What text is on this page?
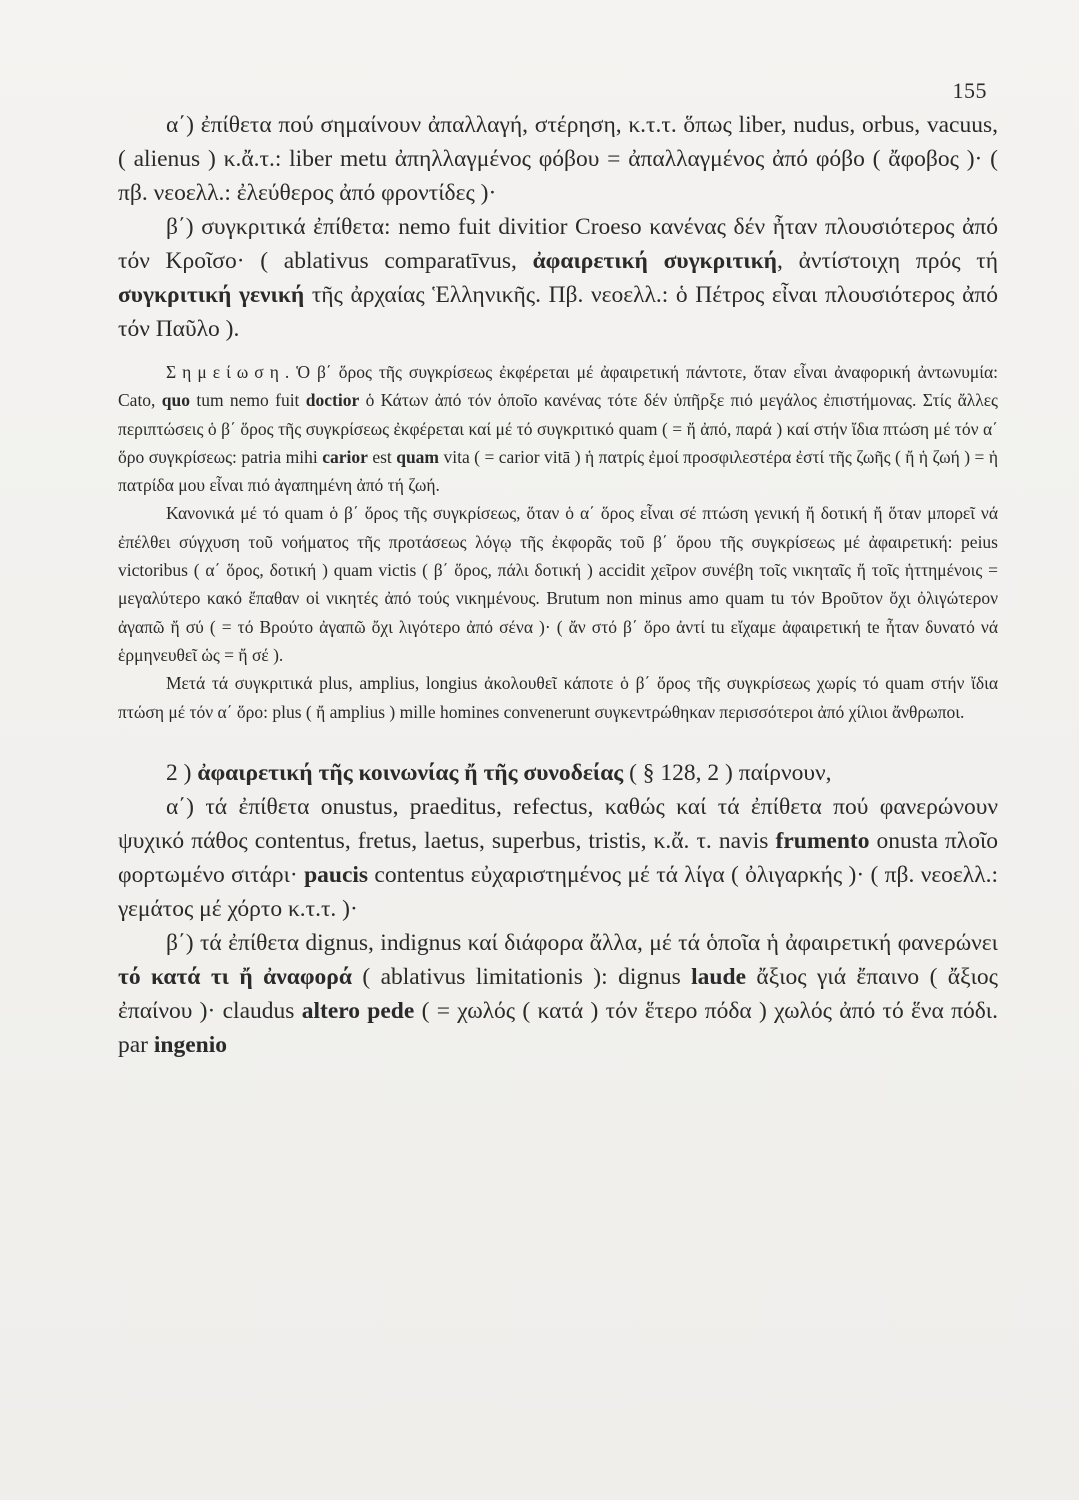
155

α΄) ἐπίθετα πού σημαίνουν ἀπαλλαγή, στέρηση, κ.τ.τ. ὅπως liber, nudus, orbus, vacuus, ( alienus ) κ.ἄ.τ.: liber metu ἀπηλλαγμένος φόβου = ἀπαλλαγμένος ἀπό φόβο ( ἄφοβος )· ( πβ. νεοελλ.: ἐλεύθερος ἀπό φροντίδες )·

β΄) συγκριτικά ἐπίθετα: nemo fuit divitior Croeso κανένας δέν ἦταν πλουσιότερος ἀπό τόν Κροῖσο· ( ablativus comparatīvus, ἀφαιρετική συγκριτική, ἀντίστοιχη πρός τή συγκριτική γενική τῆς ἀρχαίας Ἑλληνικῆς. Πβ. νεοελλ.: ὁ Πέτρος εἶναι πλουσιότερος ἀπό τόν Παῦλο ).

Σημείωση. Ὁ β΄ ὅρος τῆς συγκρίσεως ἐκφέρεται μέ ἀφαιρετική πάντοτε, ὅταν εἶναι ἀναφορική ἀντωνυμία: Cato, quo tum nemo fuit doctior ὁ Κάτων ἀπό τόν ὁποῖο κανένας τότε δέν ὑπῆρξε πιό μεγάλος ἐπιστήμονας. Στίς ἄλλες περιπτώσεις ὁ β΄ ὅρος τῆς συγκρίσεως ἐκφέρεται καί μέ τό συγκριτικό quam ( = ἤ ἀπό, παρά ) καί στήν ἴδια πτώση μέ τόν α΄ ὅρο συγκρίσεως: patria mihi carior est quam vita ( = carior vitā ) ἡ πατρίς ἐμοί προσφιλεστέρα ἐστί τῆς ζωῆς ( ἤ ἡ ζωή ) = ἡ πατρίδα μου εἶναι πιό ἀγαπημένη ἀπό τή ζωή.

Κανονικά μέ τό quam ὁ β΄ ὅρος τῆς συγκρίσεως, ὅταν ὁ α΄ ὅρος εἶναι σέ πτώση γενική ἤ δοτική ἤ ὅταν μπορεῖ νά ἐπέλθει σύγχυση τοῦ νοήματος τῆς προτάσεως λόγῳ τῆς ἐκφορᾶς τοῦ β΄ ὅρου τῆς συγκρίσεως μέ ἀφαιρετική: peius victoribus ( α΄ ὅρος, δοτική ) quam victis ( β΄ ὅρος, πάλι δοτική ) accidit χεῖρον συνέβη τοῖς νικηταῖς ἤ τοῖς ἡττημένοις = μεγαλύτερο κακό ἔπαθαν οἱ νικητές ἀπό τούς νικημένους. Brutum non minus amo quam tu τόν Βροῦτον ὄχι ὀλιγώτερον ἀγαπῶ ἤ σύ ( = τό Βρούτο ἀγαπῶ ὄχι λιγότερο ἀπό σένα )· ( ἄν στό β΄ ὅρο ἀντί tu εἴχαμε ἀφαιρετική te ἦταν δυνατό νά ἑρμηνευθεῖ ὡς = ἤ σέ ).

Μετά τά συγκριτικά plus, amplius, longius ἀκολουθεῖ κάποτε ὁ β΄ ὅρος τῆς συγκρίσεως χωρίς τό quam στήν ἴδια πτώση μέ τόν α΄ ὅρο: plus ( ἤ amplius ) mille homines convenerunt συγκεντρώθηκαν περισσότεροι ἀπό χίλιοι ἄνθρωποι.

2 ) ἀφαιρετική τῆς κοινωνίας ἤ τῆς συνοδείας ( § 128, 2 ) παίρνουν,

α΄) τά ἐπίθετα onustus, praeditus, refectus, καθώς καί τά ἐπίθετα πού φανερώνουν ψυχικό πάθος contentus, fretus, laetus, superbus, tristis, κ.ἄ. τ. navis frumento onusta πλοῖο φορτωμένο σιτάρι· paucis contentus εὐχαριστημένος μέ τά λίγα ( ὀλιγαρκής )· ( πβ. νεοελλ.: γεμάτος μέ χόρτο κ.τ.τ. )·

β΄) τά ἐπίθετα dignus, indignus καί διάφορα ἄλλα, μέ τά ὁποῖα ἡ ἀφαιρετική φανερώνει τό κατά τι ἤ ἀναφορά ( ablativus limitationis ): dignus laude ἄξιος γιά ἔπαινο ( ἄξιος ἐπαίνου )· claudus altero pede ( = χωλός ( κατά ) τόν ἕτερο πόδα ) χωλός ἀπό τό ἕνα πόδι. par ingenio
